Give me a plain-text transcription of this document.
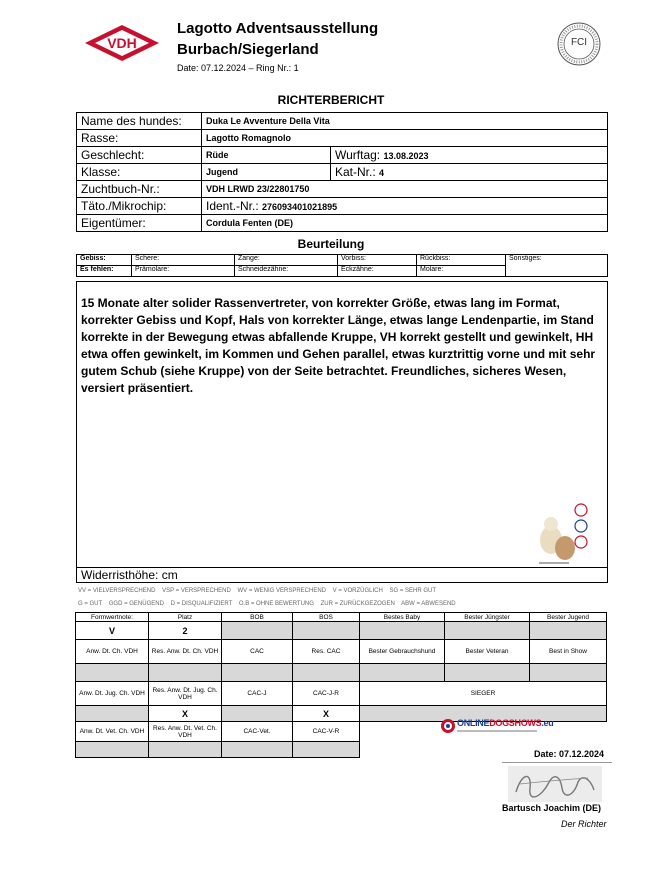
VDH
Lagotto Adventsausstellung
Burbach/Siegerland
Date: 07.12.2024 – Ring Nr.: 1
FCI
RICHTERBERICHT
Name des hundes:	Duka Le Avventure Della Vita	
Rasse:	Lagotto Romagnolo	
Geschlecht:	Rüde	Wurftag: 13.08.2023
Klasse:	Jugend	Kat-Nr.: 4
Zuchtbuch-Nr.:	VDH LRWD 23/22801750	
Täto./Mikrochip:	Ident.-Nr.: 276093401021895	
Eigentümer:	Cordula Fenten (DE)	
Beurteilung
Gebiss:	Schere:	Zange:	Vorbiss:	Rückbiss:	Sonstiges:
Es fehlen:	Prämolare:	Schneidezähne:	Eckzähne:	Molare:	
15 Monate alter solider Rassenvertreter, von korrekter Größe, etwas lang im Format, korrekter Gebiss und Kopf, Hals von korrekter Länge, etwas lange Lendenpartie, im Stand korrekte in der Bewegung etwas abfallende Kruppe, VH korrekt gestellt und gewinkelt, HH etwa offen gewinkelt, im Kommen und Gehen parallel, etwas kurztrittig vorne und mit sehr gutem Schub (siehe Kruppe) von der Seite betrachtet. Freundliches, sicheres Wesen, versiert präsentiert.
Widerristhöhe: cm
VV = VIELVERSPRECHEND    VSP = VERSPRECHEND    WV = WENIG VERSPRECHEND    V = VORZÜGLICH    SG = SEHR GUT
G = GUT    GGD = GENÜGEND    D = DISQUALIFIZIERT    O.B = OHNE BEWERTUNG    ZUR = ZURÜCKGEZOGEN    ABW = ABWESEND
Formwertnote:	Platz	BOB	BOS	Bestes Baby	Bester Jüngster	Bester Jugend
V	2					
Anw. Dt. Ch. VDH	Res. Anw. Dt. Ch. VDH	CAC	Res. CAC	Bester Gebrauchshund	Bester Veteran	Best in Show

Anw. Dt. Jug. Ch. VDH	Res. Anw. Dt. Jug. Ch. VDH	CAC-J	CAC-J-R	SIEGER		
	X		X			
Anw. Dt. Vet. Ch. VDH	Res. Anw. Dt. Vet. Ch. VDH	CAC-Vet.	CAC-V-R			

ONLINEDOGSHOWS.eu
Date: 07.12.2024
Bartusch Joachim (DE)
Der Richter
